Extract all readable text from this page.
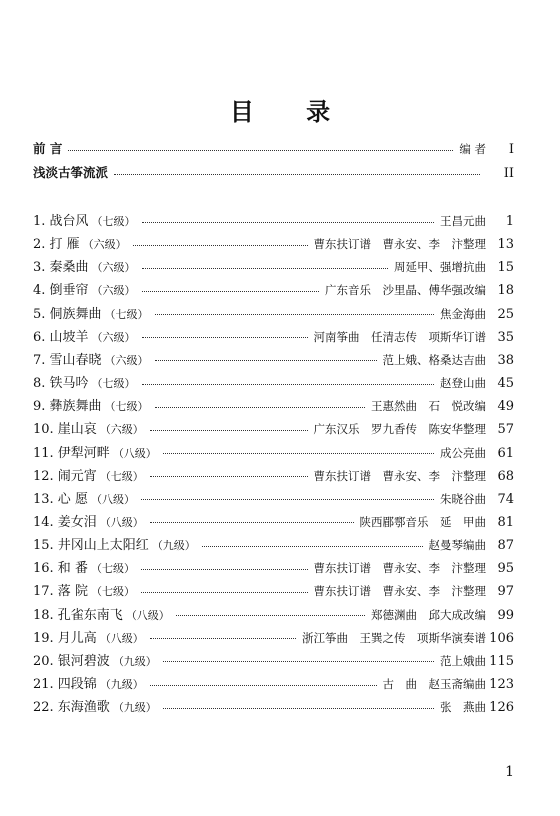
目 录
前 言	编 者	I
浅淡古筝流派	II
1. 战台风 （七级）	王昌元曲	1
2. 打 雁 （六级）	曹东扶订谱　曹永安、李　汴整理 13
3. 秦桑曲 （六级）	周延甲、强增抗曲 15
4. 倒垂帘 （六级）	广东音乐　沙里晶、傅华强改编 18
5. 侗族舞曲 （七级）	焦金海曲 25
6. 山坡羊 （六级）	河南筝曲　任清志传　项斯华订谱 35
7. 雪山春晓 （六级）	范上娥、格桑达吉曲 38
8. 铁马吟 （七级）	赵登山曲 45
9. 彝族舞曲 （七级）	王惠然曲　石　悦改编 49
10. 崖山哀 （六级）	广东汉乐　罗九香传　陈安华整理 57
11. 伊犁河畔 （八级）	成公亮曲 61
12. 闹元宵 （七级）	曹东扶订谱　曹永安、李　汴整理 68
13. 心 愿 （八级）	朱晓谷曲 74
14. 姜女泪 （八级）	陕西郿鄠音乐　延　甲曲 81
15. 井冈山上太阳红 （九级）	赵曼琴编曲 87
16. 和 番 （七级）	曹东扶订谱　曹永安、李　汴整理 95
17. 落 院 （七级）	曹东扶订谱　曹永安、李　汴整理 97
18. 孔雀东南飞 （八级）	郑德渊曲　邱大成改编 99
19. 月儿高 （八级）	浙江筝曲　王巽之传　项斯华演奏谱 106
20. 银河碧波 （九级）	范上娥曲 115
21. 四段锦 （九级）	古　曲　赵玉斋编曲 123
22. 东海渔歌 （九级）	张　燕曲 126
1
